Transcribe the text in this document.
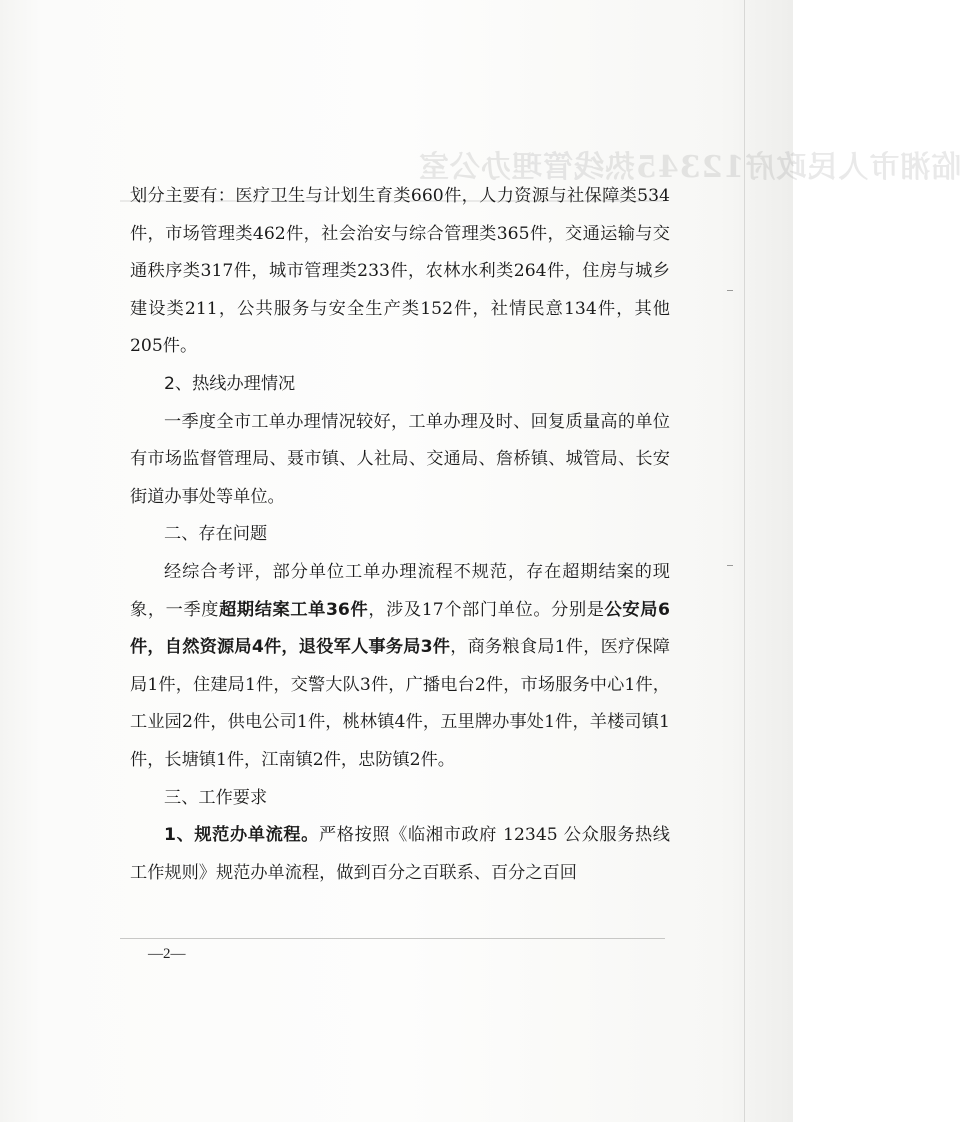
临湘市人民政府12345热线管理办公室

划分主要有：医疗卫生与计划生育类660件，人力资源与社保障类534件，市场管理类462件，社会治安与综合管理类365件，交通运输与交通秩序类317件，城市管理类233件，农林水利类264件，住房与城乡建设类211，公共服务与安全生产类152件，社情民意134件，其他205件。

2、热线办理情况

一季度全市工单办理情况较好，工单办理及时、回复质量高的单位有市场监督管理局、聂市镇、人社局、交通局、詹桥镇、城管局、长安街道办事处等单位。

二、存在问题

经综合考评，部分单位工单办理流程不规范，存在超期结案的现象，一季度超期结案工单36件，涉及17个部门单位。分别是公安局6件，自然资源局4件，退役军人事务局3件，商务粮食局1件，医疗保障局1件，住建局1件，交警大队3件，广播电台2件，市场服务中心1件，工业园2件，供电公司1件，桃林镇4件，五里牌办事处1件，羊楼司镇1件，长塘镇1件，江南镇2件，忠防镇2件。

三、工作要求

1、规范办单流程。严格按照《临湘市政府 12345 公众服务热线工作规则》规范办单流程，做到百分之百联系、百分之百回

—2—
